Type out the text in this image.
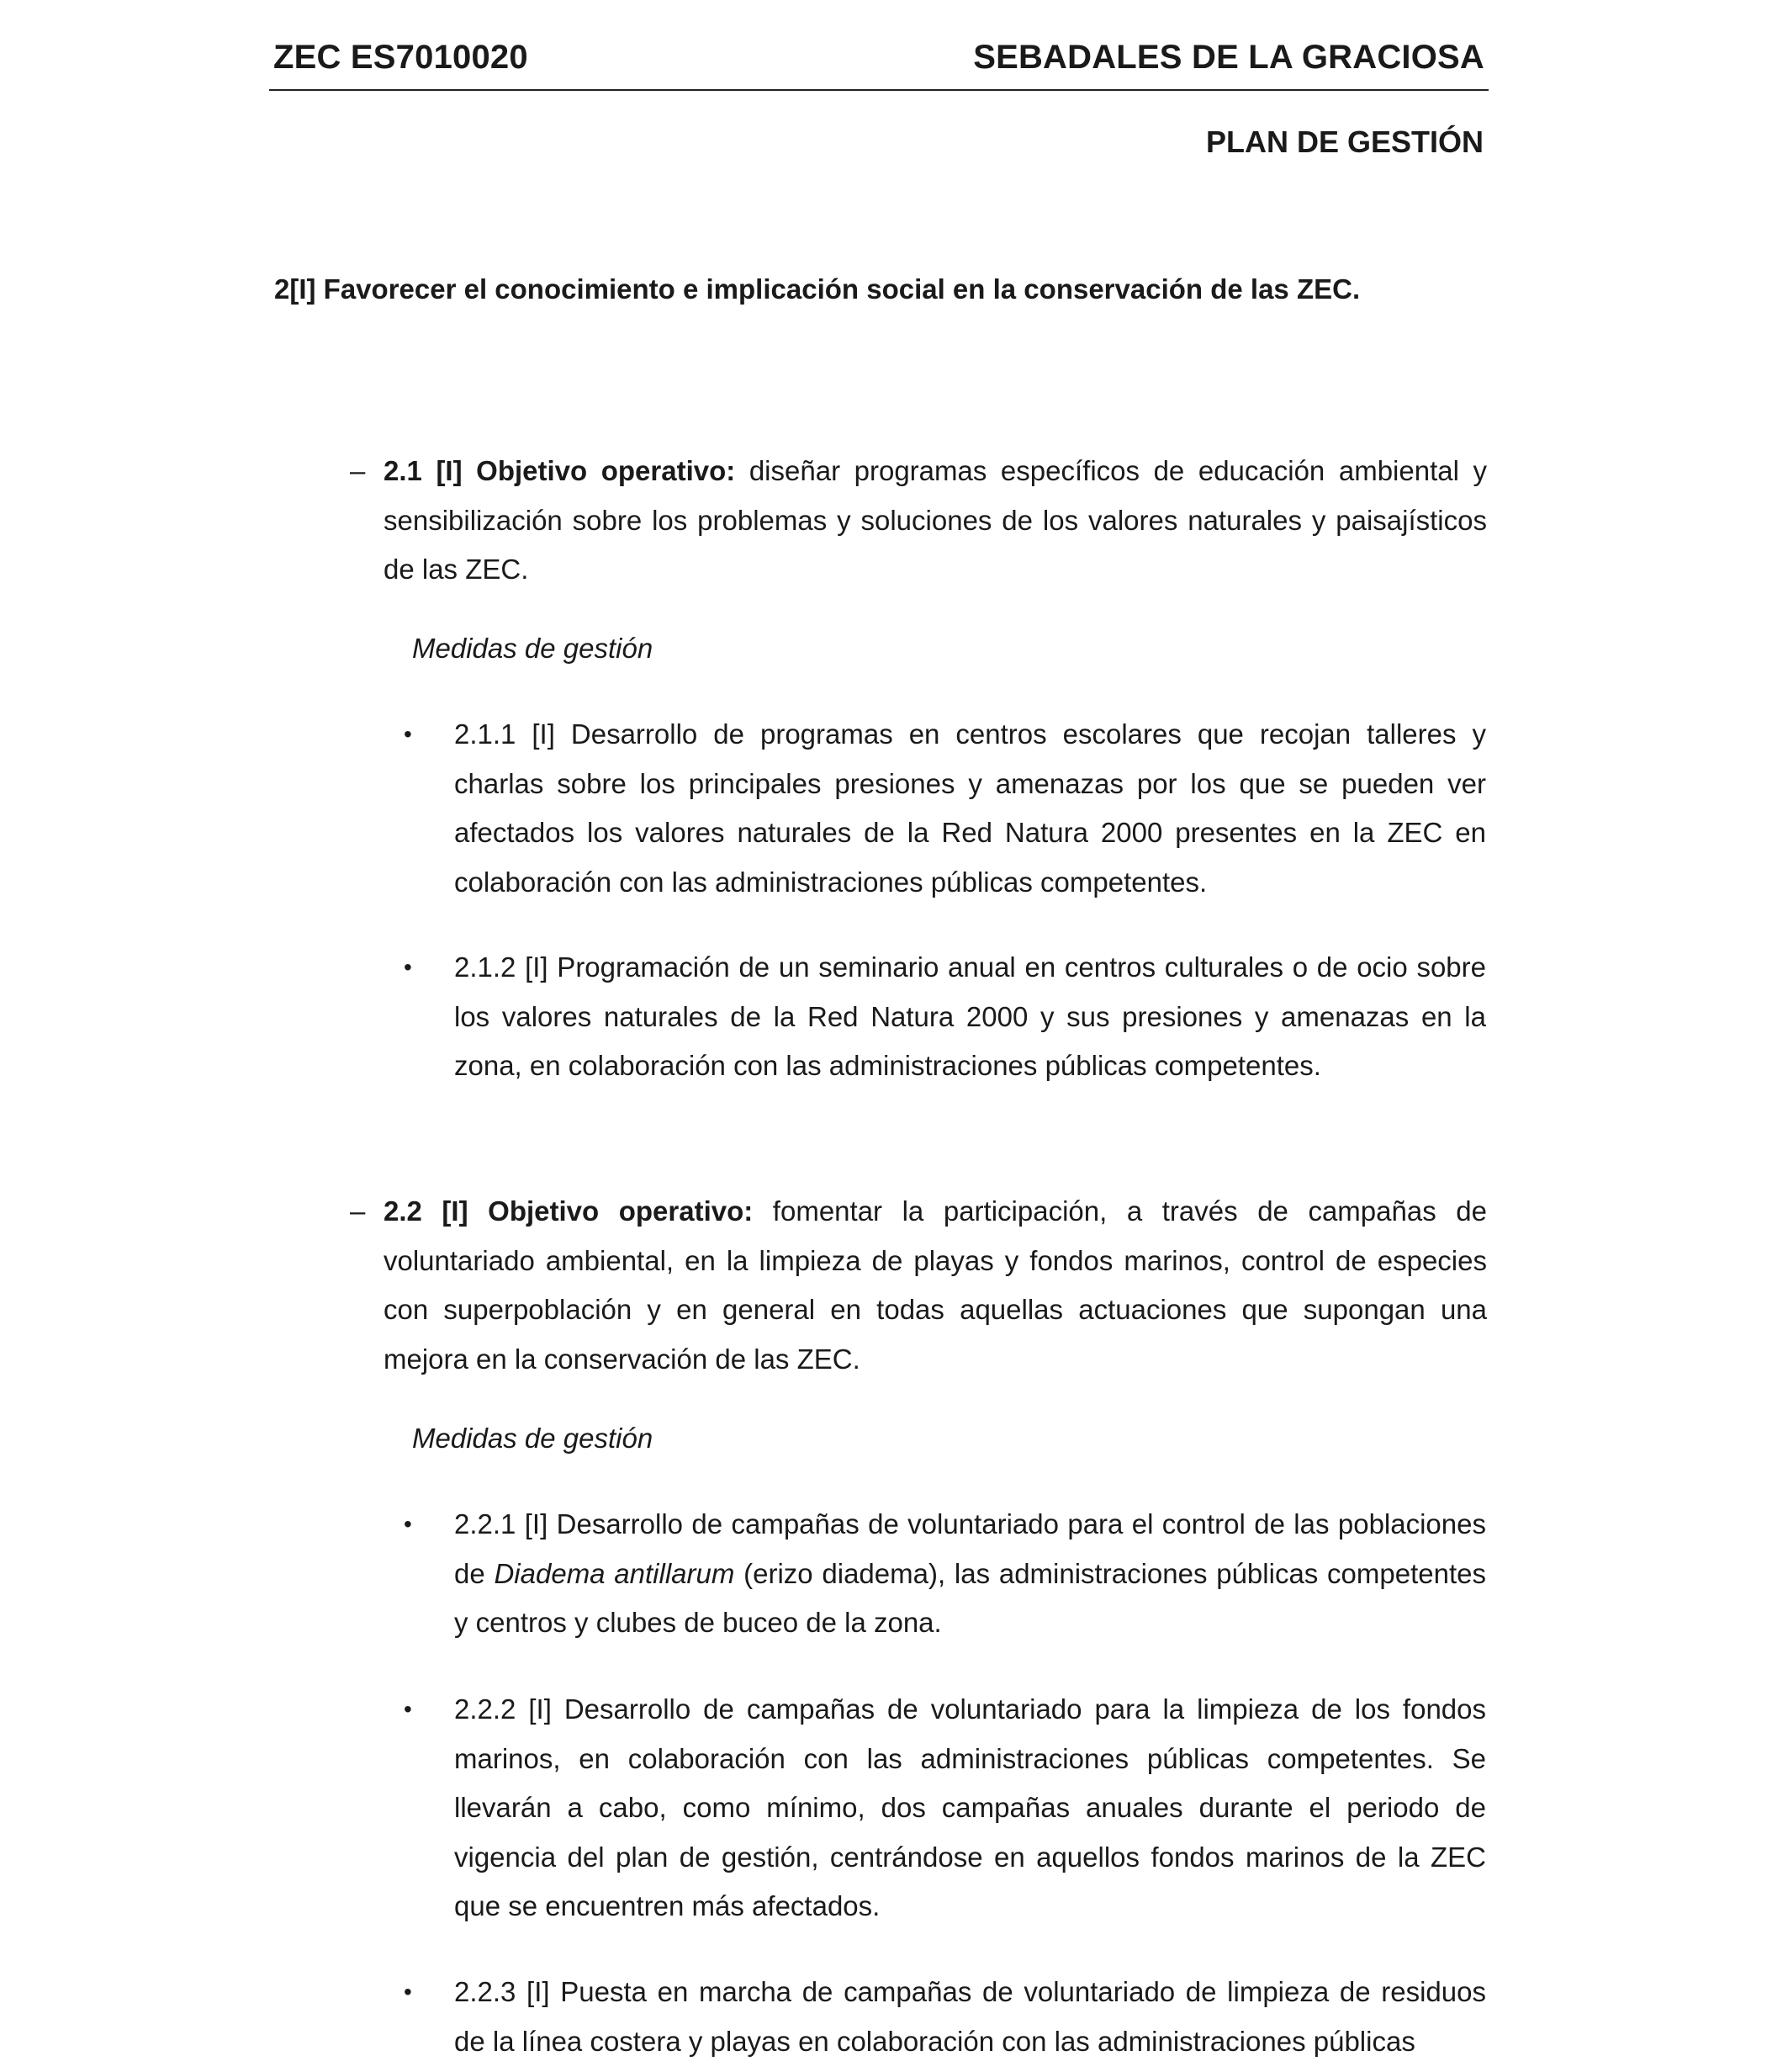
ZEC ES7010020	SEBADALES DE LA GRACIOSA
PLAN DE GESTIÓN
2[I] Favorecer el conocimiento e implicación social en la conservación de las ZEC.
– 2.1 [I] Objetivo operativo: diseñar programas específicos de educación ambiental y sensibilización sobre los problemas y soluciones de los valores naturales y paisajísticos de las ZEC.
Medidas de gestión
• 2.1.1 [I] Desarrollo de programas en centros escolares que recojan talleres y charlas sobre los principales presiones y amenazas por los que se pueden ver afectados los valores naturales de la Red Natura 2000 presentes en la ZEC en colaboración con las administraciones públicas competentes.
• 2.1.2 [I] Programación de un seminario anual en centros culturales o de ocio sobre los valores naturales de la Red Natura 2000 y sus presiones y amenazas en la zona, en colaboración con las administraciones públicas competentes.
– 2.2 [I] Objetivo operativo: fomentar la participación, a través de campañas de voluntariado ambiental, en la limpieza de playas y fondos marinos, control de especies con superpoblación y en general en todas aquellas actuaciones que supongan una mejora en la conservación de las ZEC.
Medidas de gestión
• 2.2.1 [I] Desarrollo de campañas de voluntariado para el control de las poblaciones de Diadema antillarum (erizo diadema), las administraciones públicas competentes y centros y clubes de buceo de la zona.
• 2.2.2 [I] Desarrollo de campañas de voluntariado para la limpieza de los fondos marinos, en colaboración con las administraciones públicas competentes. Se llevarán a cabo, como mínimo, dos campañas anuales durante el periodo de vigencia del plan de gestión, centrándose en aquellos fondos marinos de la ZEC que se encuentren más afectados.
• 2.2.3 [I] Puesta en marcha de campañas de voluntariado de limpieza de residuos de la línea costera y playas en colaboración con las administraciones públicas
